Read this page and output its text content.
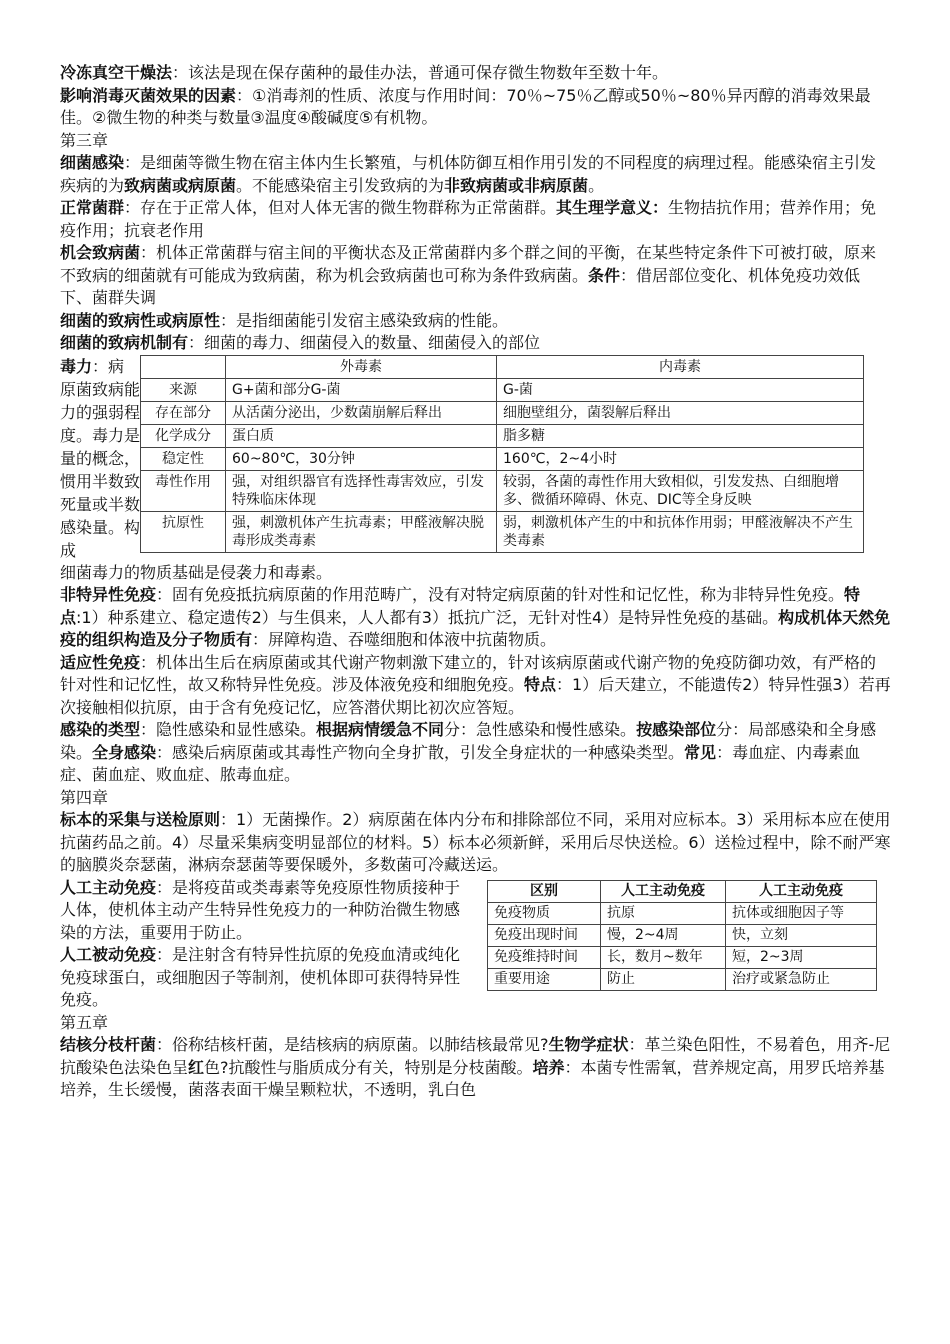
冷冻真空干燥法：该法是现在保存菌种的最佳办法，普通可保存微生物数年至数十年。

影响消毒灭菌效果的因素：①消毒剂的性质、浓度与作用时间：70％~75％乙醇或50％~80％异丙醇的消毒效果最佳。②微生物的种类与数量③温度④酸碱度⑤有机物。

第三章

细菌感染：是细菌等微生物在宿主体内生长繁殖，与机体防御互相作用引发的不同程度的病理过程。能感染宿主引发疾病的为致病菌或病原菌。不能感染宿主引发致病的为非致病菌或非病原菌。

正常菌群：存在于正常人体，但对人体无害的微生物群称为正常菌群。其生理学意义：生物拮抗作用；营养作用；免疫作用；抗衰老作用

机会致病菌：机体正常菌群与宿主间的平衡状态及正常菌群内多个群之间的平衡，在某些特定条件下可被打破，原来不致病的细菌就有可能成为致病菌，称为机会致病菌也可称为条件致病菌。条件：借居部位变化、机体免疫功效低下、菌群失调

细菌的致病性或病原性：是指细菌能引发宿主感染致病的性能。

细菌的致病机制有：细菌的毒力、细菌侵入的数量、细菌侵入的部位

毒力：病原菌致病能力的强弱程度。毒力是量的概念，惯用半数致死量或半数感染量。构成
	外毒素	内毒素
来源	G+菌和部分G-菌	G-菌
存在部分	从活菌分泌出，少数菌崩解后释出	细胞壁组分，菌裂解后释出
化学成分	蛋白质	脂多糖
稳定性	60~80℃，30分钟	160℃，2~4小时
毒性作用	强，对组织器官有选择性毒害效应，引发特殊临床体现	较弱，各菌的毒性作用大致相似，引发发热、白细胞增多、微循环障碍、休克、DIC等全身反映
抗原性	强，刺激机体产生抗毒素；甲醛液解决脱毒形成类毒素	弱，刺激机体产生的中和抗体作用弱；甲醛液解决不产生类毒素

细菌毒力的物质基础是侵袭力和毒素。

非特异性免疫：固有免疫抵抗病原菌的作用范畴广，没有对特定病原菌的针对性和记忆性，称为非特异性免疫。特点:1）种系建立、稳定遗传2）与生俱来，人人都有3）抵抗广泛，无针对性4）是特异性免疫的基础。构成机体天然免疫的组织构造及分子物质有：屏障构造、吞噬细胞和体液中抗菌物质。

适应性免疫：机体出生后在病原菌或其代谢产物刺激下建立的，针对该病原菌或代谢产物的免疫防御功效，有严格的针对性和记忆性，故又称特异性免疫。涉及体液免疫和细胞免疫。特点：1）后天建立，不能遗传2）特异性强3）若再次接触相似抗原，由于含有免疫记忆，应答潜伏期比初次应答短。

感染的类型：隐性感染和显性感染。根据病情缓急不同分：急性感染和慢性感染。按感染部位分：局部感染和全身感染。全身感染：感染后病原菌或其毒性产物向全身扩散，引发全身症状的一种感染类型。常见：毒血症、内毒素血症、菌血症、败血症、脓毒血症。

第四章

标本的采集与送检原则：1）无菌操作。2）病原菌在体内分布和排除部位不同，采用对应标本。3）采用标本应在使用抗菌药品之前。4）尽量采集病变明显部位的材料。5）标本必须新鲜，采用后尽快送检。6）送检过程中，除不耐严寒的脑膜炎奈瑟菌，淋病奈瑟菌等要保暖外，多数菌可冷藏送运。

人工主动免疫：是将疫苗或类毒素等免疫原性物质接种于人体，使机体主动产生特异性免疫力的一种防治微生物感染的方法，重要用于防止。

人工被动免疫：是注射含有特异性抗原的免疫血清或纯化免疫球蛋白，或细胞因子等制剂，使机体即可获得特异性免疫。

区别	人工主动免疫	人工主动免疫
免疫物质	抗原	抗体或细胞因子等
免疫出现时间	慢，2~4周	快，立刻
免疫维持时间	长，数月~数年	短，2~3周
重要用途	防止	治疗或紧急防止

第五章

结核分枝杆菌：俗称结核杆菌，是结核病的病原菌。以肺结核最常见?生物学症状：革兰染色阳性，不易着色，用齐-尼抗酸染色法染色呈红色?抗酸性与脂质成分有关，特别是分枝菌酸。培养：本菌专性需氧，营养规定高，用罗氏培养基培养，生长缓慢，菌落表面干燥呈颗粒状，不透明，乳白色
